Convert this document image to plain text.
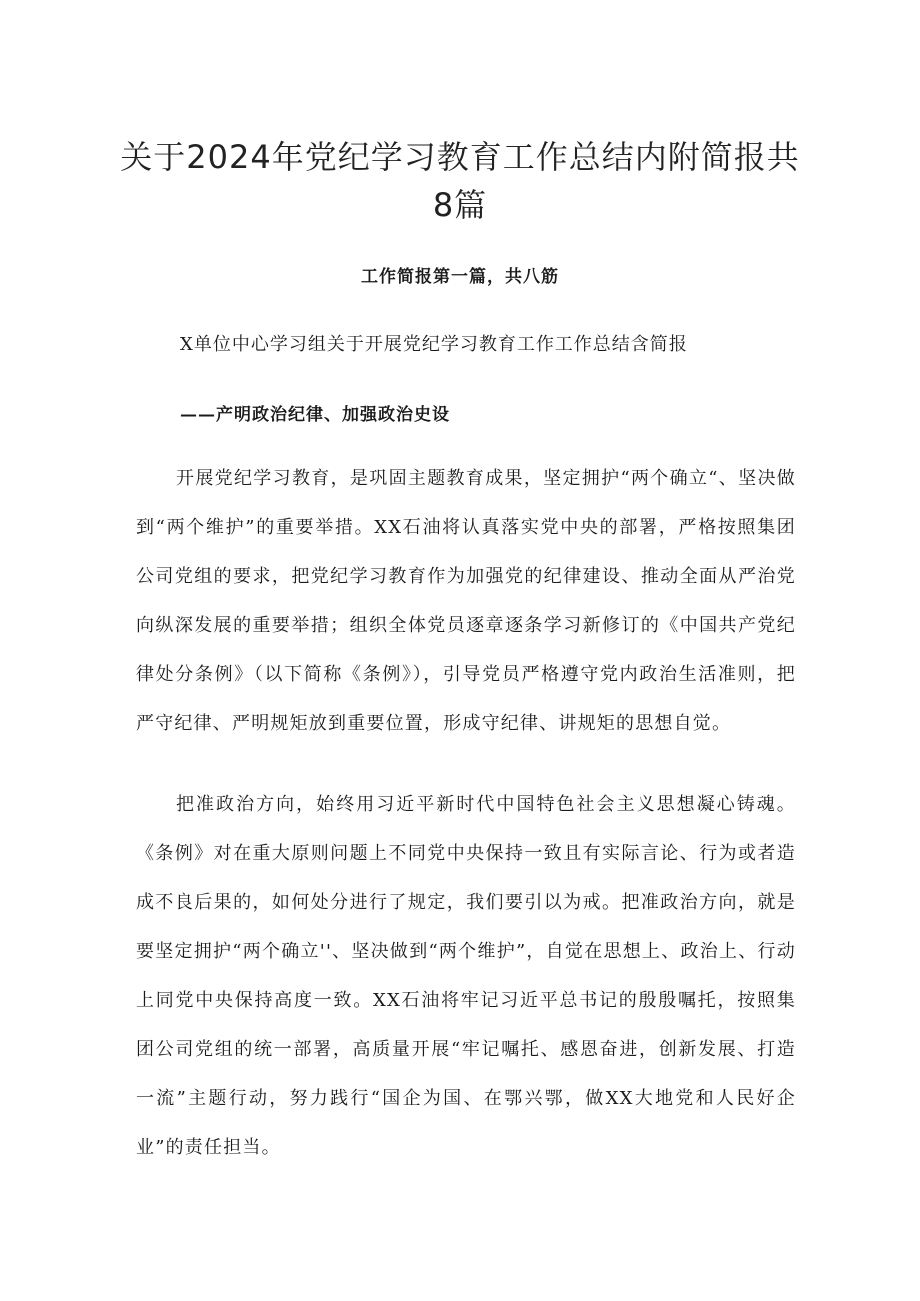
关于2024年党纪学习教育工作总结内附简报共8篇
工作简报第一篇，共八筋
X单位中心学习组关于开展党纪学习教育工作工作总结含简报
——产明政治纪律、加强政治史设

开展党纪学习教育，是巩固主题教育成果，坚定拥护“两个确立“、坚决做到“两个维护”的重要举措。XX石油将认真落实党中央的部署，严格按照集团公司党组的要求，把党纪学习教育作为加强党的纪律建设、推动全面从严治党向纵深发展的重要举措；组织全体党员逐章逐条学习新修订的《中国共产党纪律处分条例》（以下简称《条例》），引导党员严格遵守党内政治生活准则，把严守纪律、严明规矩放到重要位置，形成守纪律、讲规矩的思想自觉。

把准政治方向，始终用习近平新时代中国特色社会主义思想凝心铸魂。《条例》对在重大原则问题上不同党中央保持一致且有实际言论、行为或者造成不良后果的，如何处分进行了规定，我们要引以为戒。把准政治方向，就是要坚定拥护“两个确立''、坚决做到“两个维护”，自觉在思想上、政治上、行动上同党中央保持高度一致。XX石油将牢记习近平总书记的殷殷嘱托，按照集团公司党组的统一部署，高质量开展“牢记嘱托、感恩奋进，创新发展、打造一流”主题行动，努力践行“国企为国、在鄂兴鄂，做XX大地党和人民好企业”的责任担当。
